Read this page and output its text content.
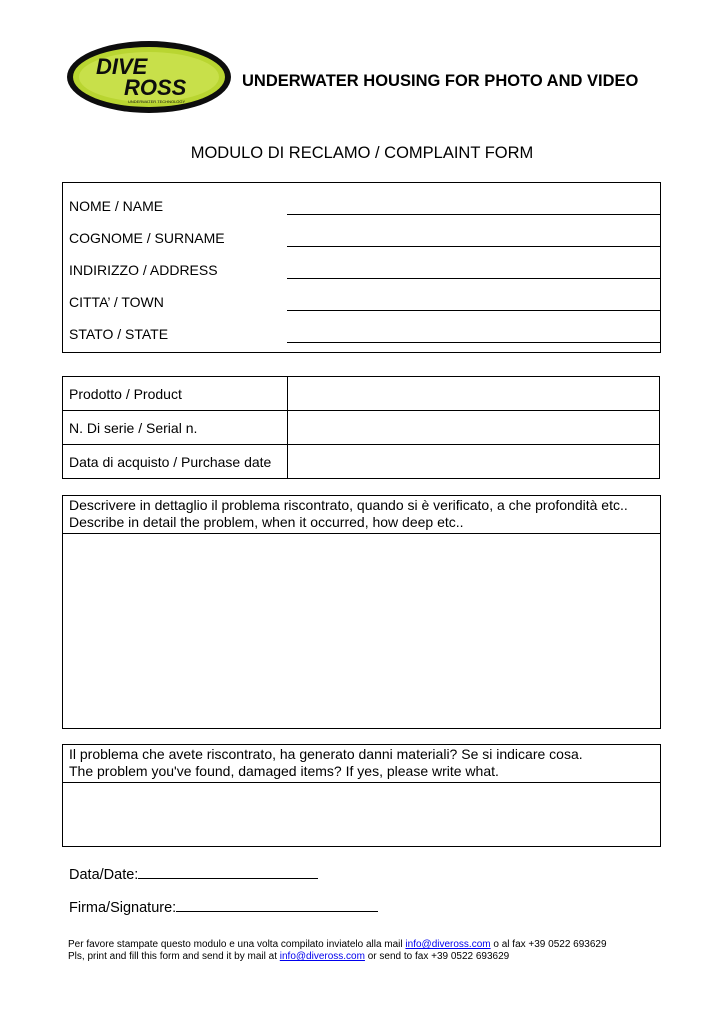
DIVE
ROSS
UNDERWATER TECHNOLOGY
UNDERWATER HOUSING FOR PHOTO AND VIDEO
MODULO DI RECLAMO / COMPLAINT FORM
NOME / NAME
COGNOME / SURNAME
INDIRIZZO / ADDRESS
CITTA’ / TOWN
STATO / STATE
Prodotto / Product	
N. Di serie / Serial n.	
Data di acquisto / Purchase date	
Descrivere in dettaglio il problema riscontrato, quando si è verificato, a che profondità etc..
Describe in detail the problem, when it occurred, how deep etc..
Il problema che avete riscontrato, ha generato danni materiali? Se si indicare cosa.
The problem you've found, damaged items? If yes, please write what.
Data/Date:
Firma/Signature:
Per favore stampate questo modulo e una volta compilato inviatelo alla mail info@diveross.com o al fax +39 0522 693629
Pls, print and fill this form and send it by mail at info@diveross.com or send to fax +39 0522 693629
